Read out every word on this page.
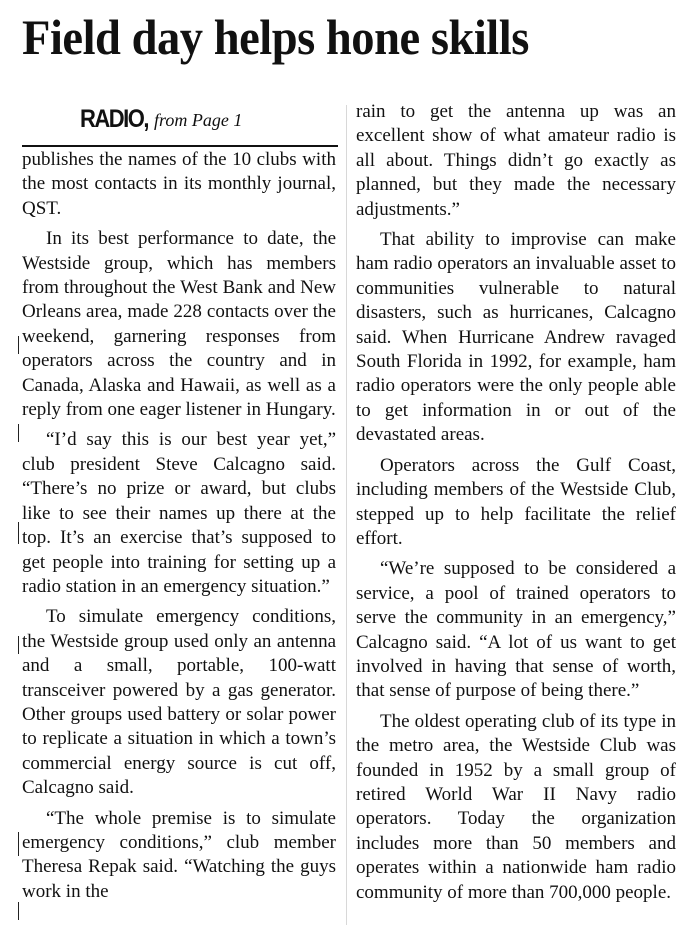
Field day helps hone skills
RADIO, from Page 1

publishes the names of the 10 clubs with the most contacts in its monthly journal, QST.

In its best performance to date, the Westside group, which has members from throughout the West Bank and New Orleans area, made 228 contacts over the weekend, garnering responses from operators across the country and in Canada, Alaska and Hawaii, as well as a reply from one eager listener in Hungary.

“I’d say this is our best year yet,” club president Steve Calcagno said. “There’s no prize or award, but clubs like to see their names up there at the top. It’s an exercise that’s supposed to get people into training for setting up a radio station in an emergency situation.”

To simulate emergency conditions, the Westside group used only an antenna and a small, portable, 100-watt transceiver powered by a gas generator. Other groups used battery or solar power to replicate a situation in which a town’s commercial energy source is cut off, Calcagno said.

“The whole premise is to simulate emergency conditions,” club member Theresa Repak said. “Watching the guys work in the

rain to get the antenna up was an excellent show of what amateur radio is all about. Things didn’t go exactly as planned, but they made the necessary adjustments.”

That ability to improvise can make ham radio operators an invaluable asset to communities vulnerable to natural disasters, such as hurricanes, Calcagno said. When Hurricane Andrew ravaged South Florida in 1992, for example, ham radio operators were the only people able to get information in or out of the devastated areas.

Operators across the Gulf Coast, including members of the Westside Club, stepped up to help facilitate the relief effort.

“We’re supposed to be considered a service, a pool of trained operators to serve the community in an emergency,” Calcagno said. “A lot of us want to get involved in having that sense of worth, that sense of purpose of being there.”

The oldest operating club of its type in the metro area, the Westside Club was founded in 1952 by a small group of retired World War II Navy radio operators. Today the organization includes more than 50 members and operates within a nationwide ham radio community of more than 700,000 people.
